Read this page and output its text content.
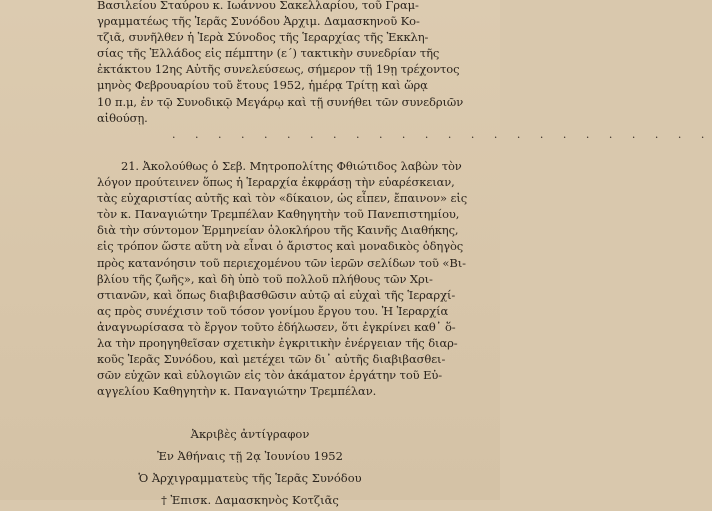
Βασιλείου Σταύρου κ. Ιωάννου Σακελλαρίου, τοῦ Γραμ-
γραμματέως τῆς Ἱερᾶς Συνόδου Ἀρχιμ. Δαμασκηνοῦ Κο-
τζιᾶ, συνῆλθεν ἡ Ἱερὰ Σύνοδος τῆς Ἱεραρχίας τῆς Ἐκκλη-
σίας τῆς Ἑλλάδος εἰς πέμπτην (ε΄) τακτικὴν συνεδρίαν τῆς
ἐκτάκτου 12ης Αὐτῆς συνελεύσεως, σήμερον τῇ 19ῃ τρέχοντος
μηνὸς Φεβρουαρίου τοῦ ἔτους 1952, ἡμέρᾳ Τρίτῃ καὶ ὥρᾳ
10 π.μ, ἐν τῷ Συνοδικῷ Μεγάρῳ καὶ τῇ συνήθει τῶν συνεδριῶν
αἰθούσῃ.
. . . . . . . . . . . . . . . . . . . . . . . .
21. Ἀκολούθως ὁ Σεβ. Μητροπολίτης Φθιώτιδος λαβὼν τὸν
λόγον προύτεινεν ὅπως ἡ Ἱεραρχία ἐκφράσῃ τὴν εὐαρέσκειαν,
τὰς εὐχαριστίας αὐτῆς καὶ τὸν «δίκαιον, ὡς εἶπεν, ἔπαινον» εἰς
τὸν κ. Παναγιώτην Τρεμπέλαν Καθηγητὴν τοῦ Πανεπιστημίου,
διὰ τὴν σύντομον Ἑρμηνείαν ὁλοκλήρου τῆς Καινῆς Διαθήκης,
εἰς τρόπον ὥστε αὕτη νὰ εἶναι ὁ ἄριστος καὶ μοναδικὸς ὁδηγὸς
πρὸς κατανόησιν τοῦ περιεχομένου τῶν ἱερῶν σελίδων τοῦ «Βι-
βλίου τῆς ζωῆς», καὶ δὴ ὑπὸ τοῦ πολλοῦ πλήθους τῶν Χρι-
στιανῶν, καὶ ὅπως διαβιβασθῶσιν αὐτῷ αἱ εὐχαὶ τῆς Ἱεραρχί-
ας πρὸς συνέχισιν τοῦ τόσον γονίμου ἔργου του. Ἡ Ἱεραρχία
ἀναγνωρίσασα τὸ ἔργον τοῦτο ἐδήλωσεν, ὅτι ἐγκρίνει καθ᾿ ὅ-
λα τὴν προηγηθεῖσαν σχετικὴν ἐγκριτικὴν ἐνέργειαν τῆς διαρ-
κοῦς Ἱερᾶς Συνόδου, καὶ μετέχει τῶν δι᾿ αὐτῆς διαβιβασθει-
σῶν εὐχῶν καὶ εὐλογιῶν εἰς τὸν ἀκάματον ἐργάτην τοῦ Εὐ-
αγγελίου Καθηγητὴν κ. Παναγιώτην Τρεμπέλαν.
Ἀκριβὲς ἀντίγραφον
Ἐν Ἀθήναις τῇ 2ᾳ Ἰουνίου 1952
Ὁ Ἀρχιγραμματεὺς τῆς Ἱερᾶς Συνόδου
† Ἐπισκ. Δαμασκηνὸς Κοτζιᾶς
